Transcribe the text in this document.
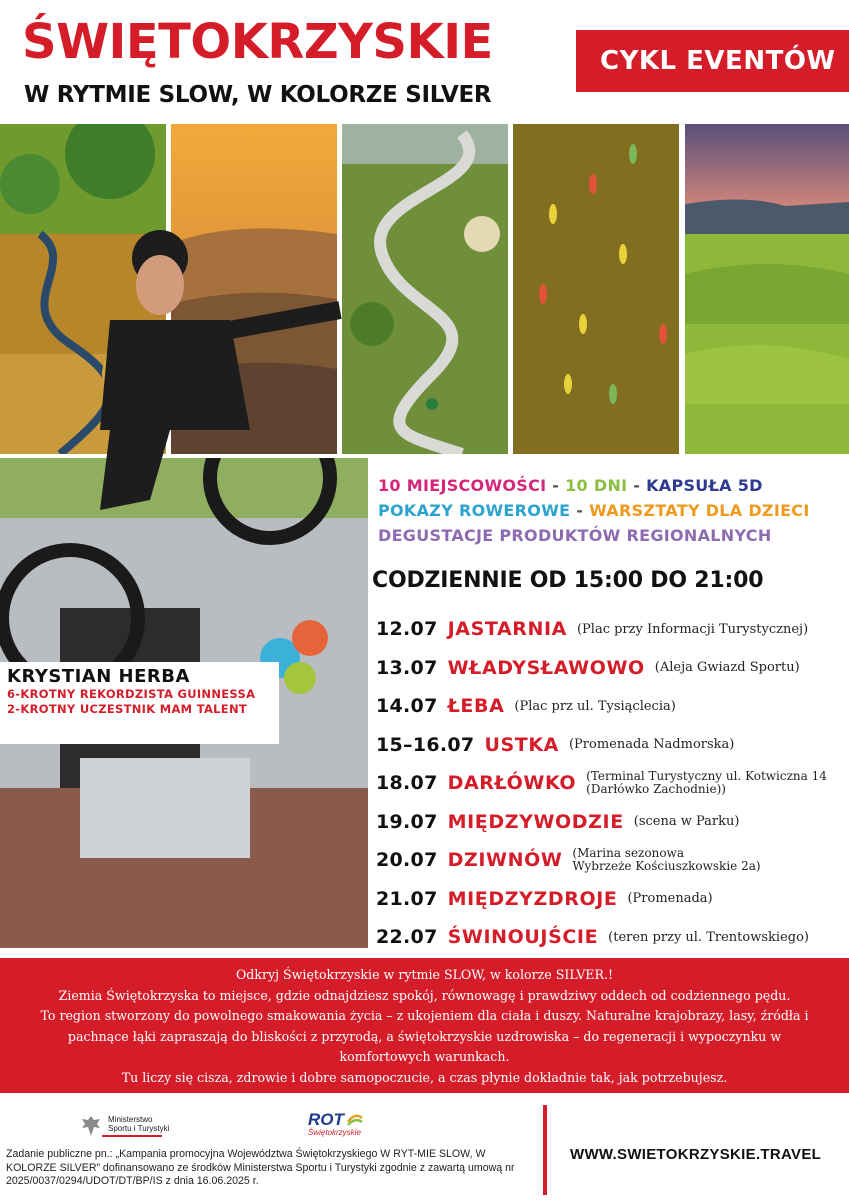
ŚWIĘTOKRZYSKIE
W RYTMIE SLOW, W KOLORZE SILVER
CYKL EVENTÓW
KRYSTIAN HERBA
6-KROTNY REKORDZISTA GUINNESSA
2-KROTNY UCZESTNIK MAM TALENT
10 MIEJSCOWOŚCI - 10 DNI - KAPSUŁA 5D
POKAZY ROWEROWE - WARSZTATY DLA DZIECI
DEGUSTACJE PRODUKTÓW REGIONALNYCH
CODZIENNIE OD 15:00 DO 21:00
12.07 JASTARNIA (Plac przy Informacji Turystycznej)
13.07 WŁADYSŁAWOWO (Aleja Gwiazd Sportu)
14.07 ŁEBA (Plac prz ul. Tysiąclecia)
15–16.07 USTKA (Promenada Nadmorska)
18.07 DARŁÓWKO (Terminal Turystyczny ul. Kotwiczna 14
(Darłówko Zachodnie))
19.07 MIĘDZYWODZIE (scena w Parku)
20.07 DZIWNÓW (Marina sezonowa
Wybrzeże Kościuszkowskie 2a)
21.07 MIĘDZYZDROJE (Promenada)
22.07 ŚWINOUJŚCIE (teren przy ul. Trentowskiego)
Odkryj Świętokrzyskie w rytmie SLOW, w kolorze SILVER.!
Ziemia Świętokrzyska to miejsce, gdzie odnajdziesz spokój, równowagę i prawdziwy oddech od codziennego pędu.
To region stworzony do powolnego smakowania życia – z ukojeniem dla ciała i duszy. Naturalne krajobrazy, lasy, źródła i pachnące łąki zapraszają do bliskości z przyrodą, a świętokrzyskie uzdrowiska – do regeneracji i wypoczynku w komfortowych warunkach.
Tu liczy się cisza, zdrowie i dobre samopoczucie, a czas płynie dokładnie tak, jak potrzebujesz.
Ministerstwo
Sportu i Turystyki	ROT
Świętokrzyskie
Zadanie publiczne pn.: „Kampania promocyjna Województwa Świętokrzyskiego W RYT-MIE SLOW, W KOLORZE SILVER” dofinansowano ze środków Ministerstwa Sportu i Turystyki zgodnie z zawartą umową nr 2025/0037/0294/UDOT/DT/BP/IS z dnia 16.06.2025 r.
WWW.SWIETOKRZYSKIE.TRAVEL
